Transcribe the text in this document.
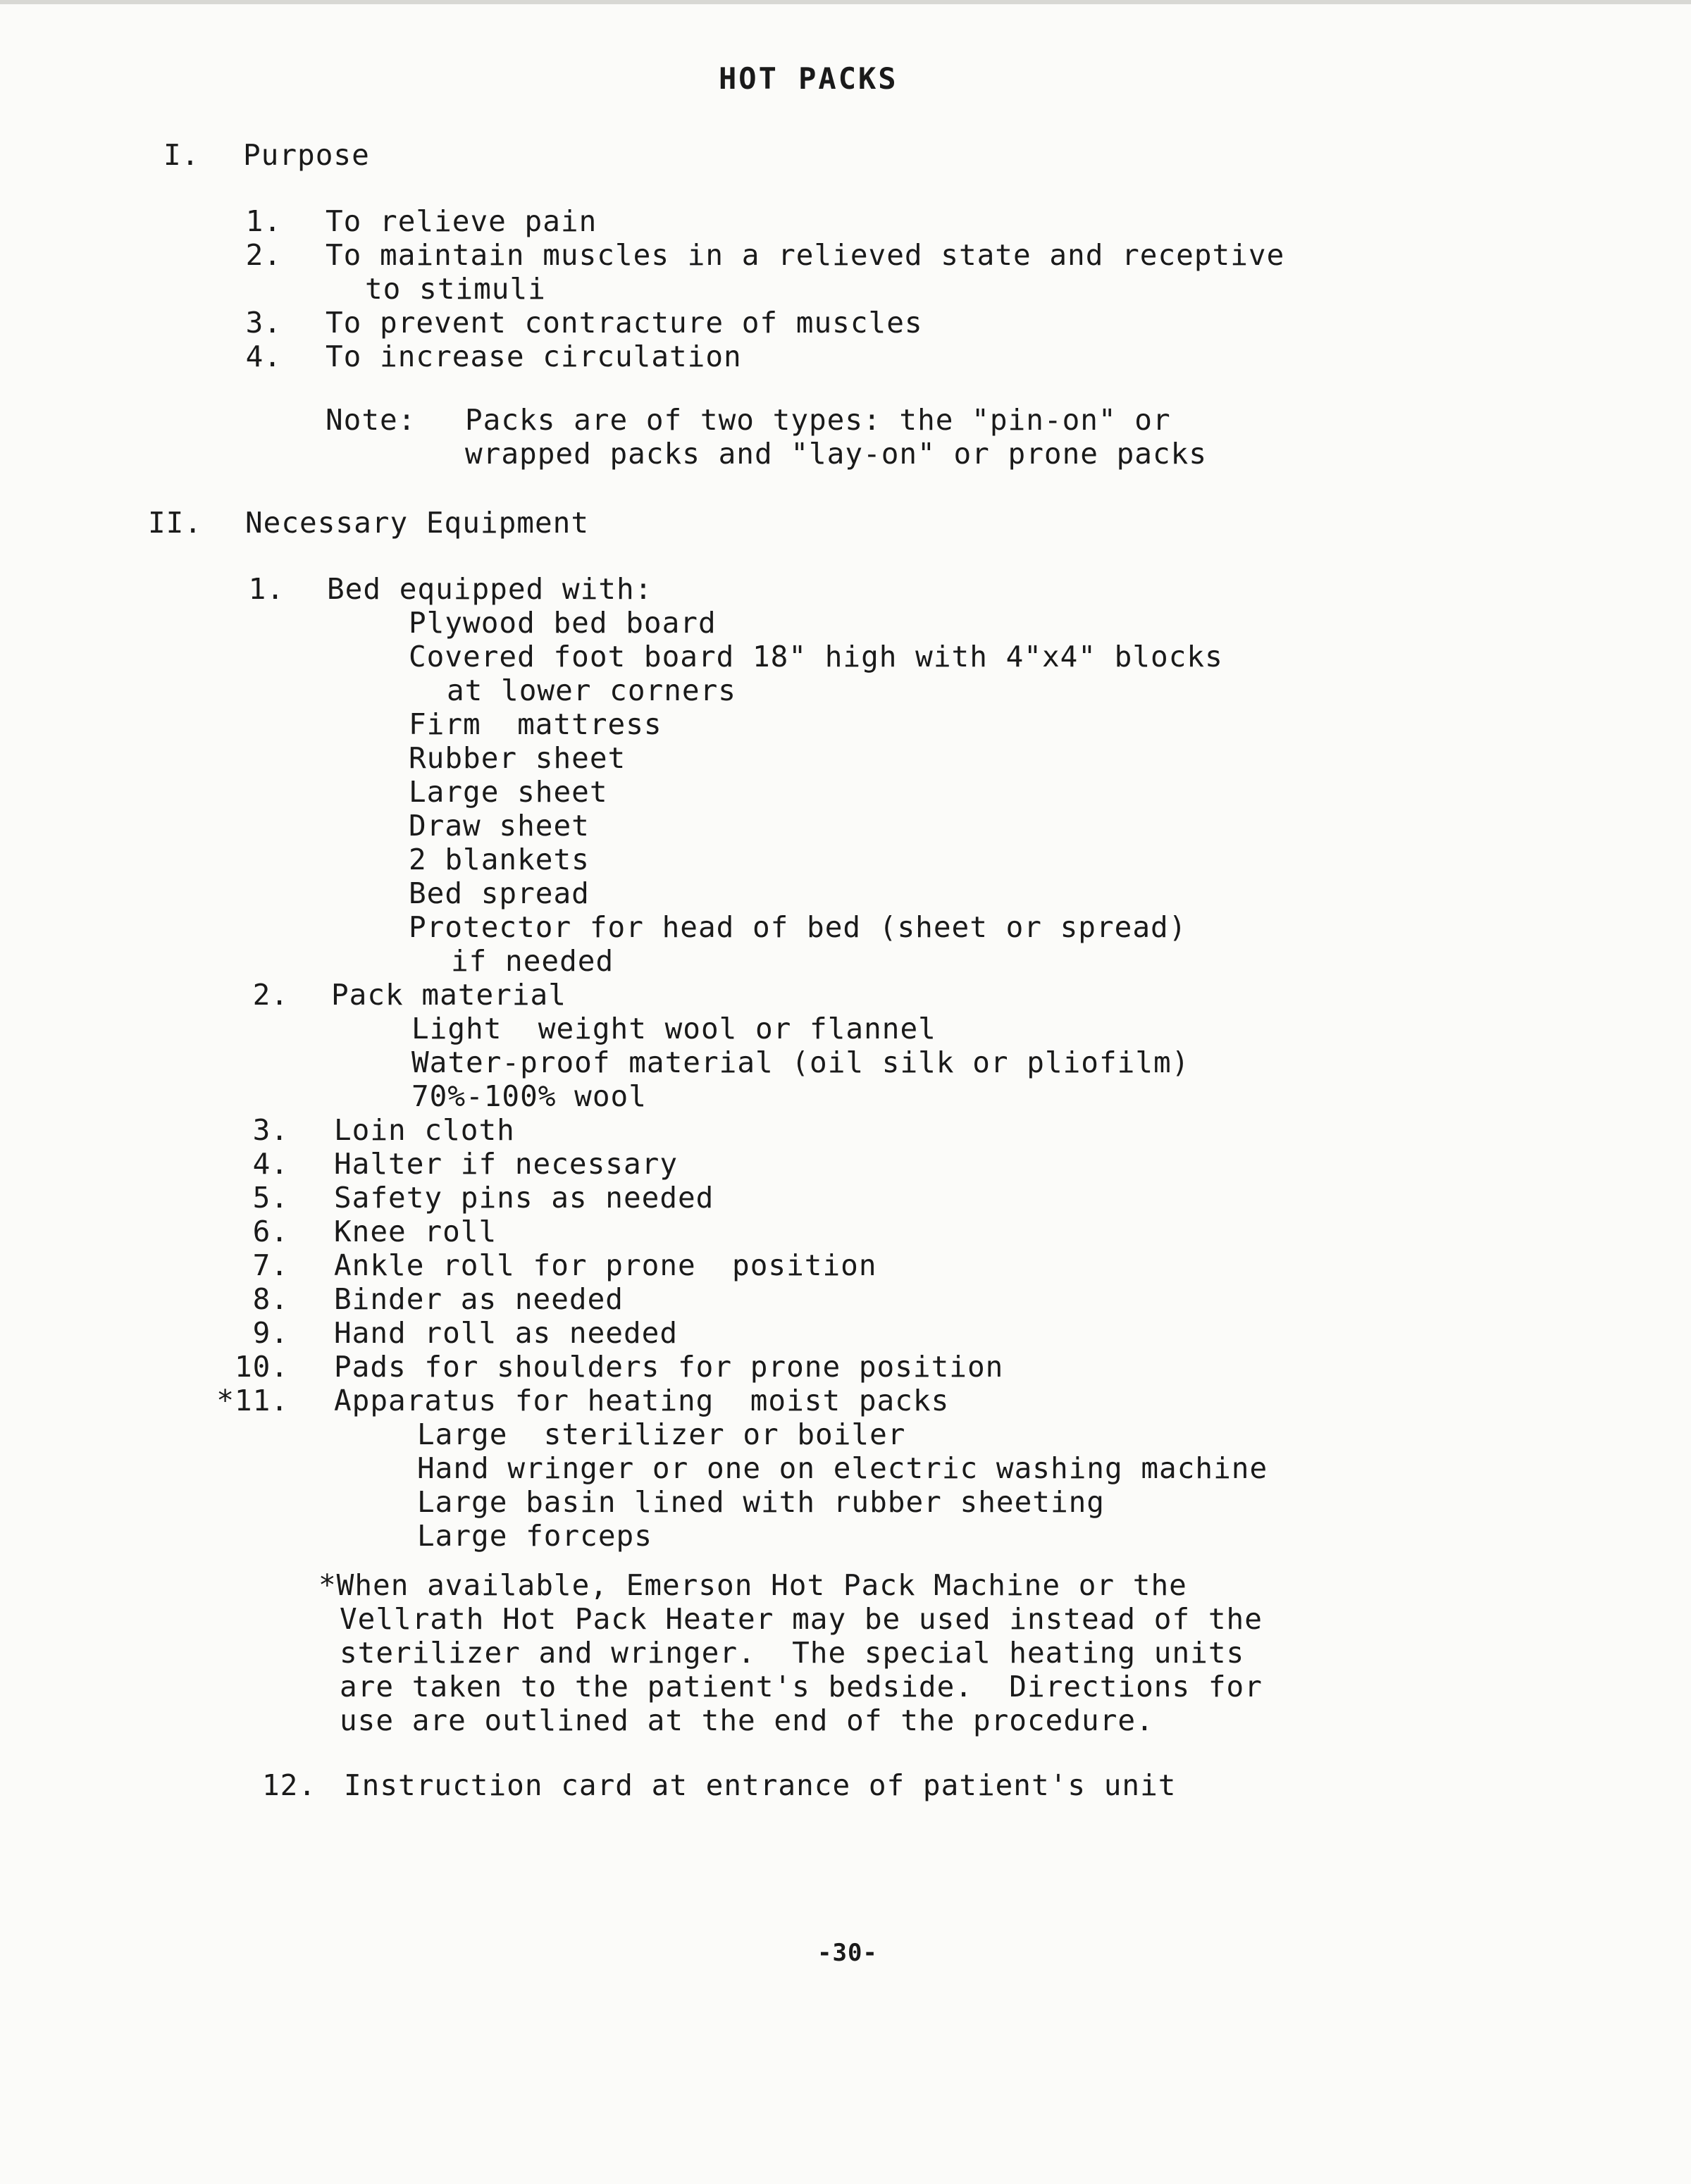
HOT PACKS
I. Purpose
1. To relieve pain
2. To maintain muscles in a relieved state and receptive
to stimuli
3. To prevent contracture of muscles
4. To increase circulation
Note: Packs are of two types: the "pin-on" or
wrapped packs and "lay-on" or prone packs
II. Necessary Equipment
1. Bed equipped with:
Plywood bed board
Covered foot board 18" high with 4"x4" blocks
at lower corners
Firm  mattress
Rubber sheet
Large sheet
Draw sheet
2 blankets
Bed spread
Protector for head of bed (sheet or spread)
if needed
2. Pack material
Light  weight wool or flannel
Water-proof material (oil silk or pliofilm)
70%-100% wool
3. Loin cloth
4. Halter if necessary
5. Safety pins as needed
6. Knee roll
7. Ankle roll for prone  position
8. Binder as needed
9. Hand roll as needed
10. Pads for shoulders for prone position
*11. Apparatus for heating  moist packs
Large  sterilizer or boiler
Hand wringer or one on electric washing machine
Large basin lined with rubber sheeting
Large forceps
*When available, Emerson Hot Pack Machine or the
Vellrath Hot Pack Heater may be used instead of the
sterilizer and wringer.  The special heating units
are taken to the patient's bedside.  Directions for
use are outlined at the end of the procedure.
12. Instruction card at entrance of patient's unit
-30-
